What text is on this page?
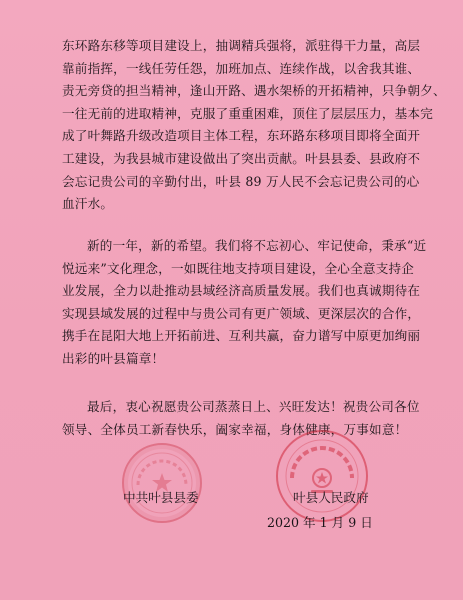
东环路东移等项目建设上，抽调精兵强将，派驻得干力量，高层
靠前指挥，一线任劳任怨，加班加点、连续作战，以舍我其谁、
责无旁贷的担当精神，逢山开路、遇水架桥的开拓精神，只争朝夕、
一往无前的进取精神，克服了重重困难，顶住了层层压力，基本完
成了叶舞路升级改造项目主体工程，东环路东移项目即将全面开
工建设，为我县城市建设做出了突出贡献。叶县县委、县政府不
会忘记贵公司的辛勤付出，叶县 89 万人民不会忘记贵公司的心
血汗水。

新的一年，新的希望。我们将不忘初心、牢记使命，秉承“近
悦远来”文化理念，一如既往地支持项目建设，全心全意支持企
业发展，全力以赴推动县域经济高质量发展。我们也真诚期待在
实现县域发展的过程中与贵公司有更广领域、更深层次的合作，
携手在昆阳大地上开拓前进、互利共赢，奋力谱写中原更加绚丽
出彩的叶县篇章！

最后，衷心祝愿贵公司蒸蒸日上、兴旺发达！祝贵公司各位
领导、全体员工新春快乐，阖家幸福，身体健康，万事如意！

中共叶县县委	叶县人民政府
2020 年 1 月 9 日
